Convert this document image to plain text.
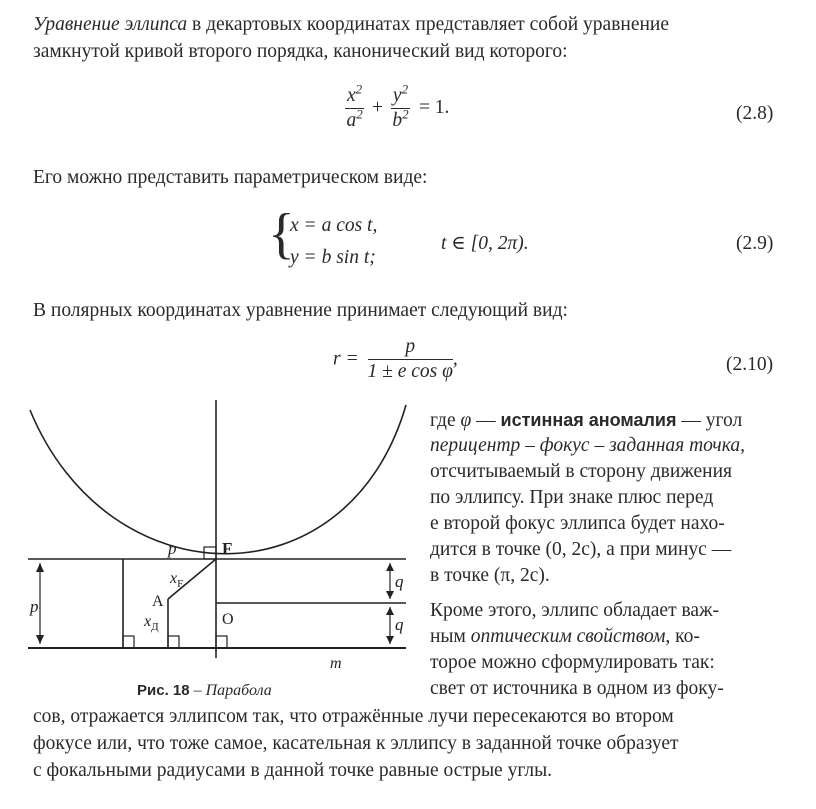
Уравнение эллипса в декартовых координатах представляет собой уравнение
замкнутой кривой второго порядка, канонический вид которого:
$\frac{x^2}{a^2} + \frac{y^2}{b^2} = 1$.	(2.8)
Его можно представить параметрическом виде:
{
x = a cos t,
y = b sin t;
t ∈ [0, 2π).	(2.9)
В полярных координатах уравнение принимает следующий вид:
$r = \frac{p}{\text{1 ± e cos φ}}$ ,	(2.10)
p	F
$x_F$
A
$x_Д$	O
p
q
q
m
Рис. 18 – Парабола
где φ — истинная аномалия — угол
перицентр – фокус – заданная точка,
отсчитываемый в сторону движения
по эллипсу. При знаке плюс перед
e второй фокус эллипса будет нахо-
дится в точке (0, 2c), а при минус —
в точке (π, 2c).
Кроме этого, эллипс обладает важ-
ным оптическим свойством, ко-
торое можно сформулировать так:
свет от источника в одном из фоку-
сов, отражается эллипсом так, что отражённые лучи пересекаются во втором
фокусе или, что тоже самое, касательная к эллипсу в заданной точке образует
с фокальными радиусами в данной точке равные острые углы.
